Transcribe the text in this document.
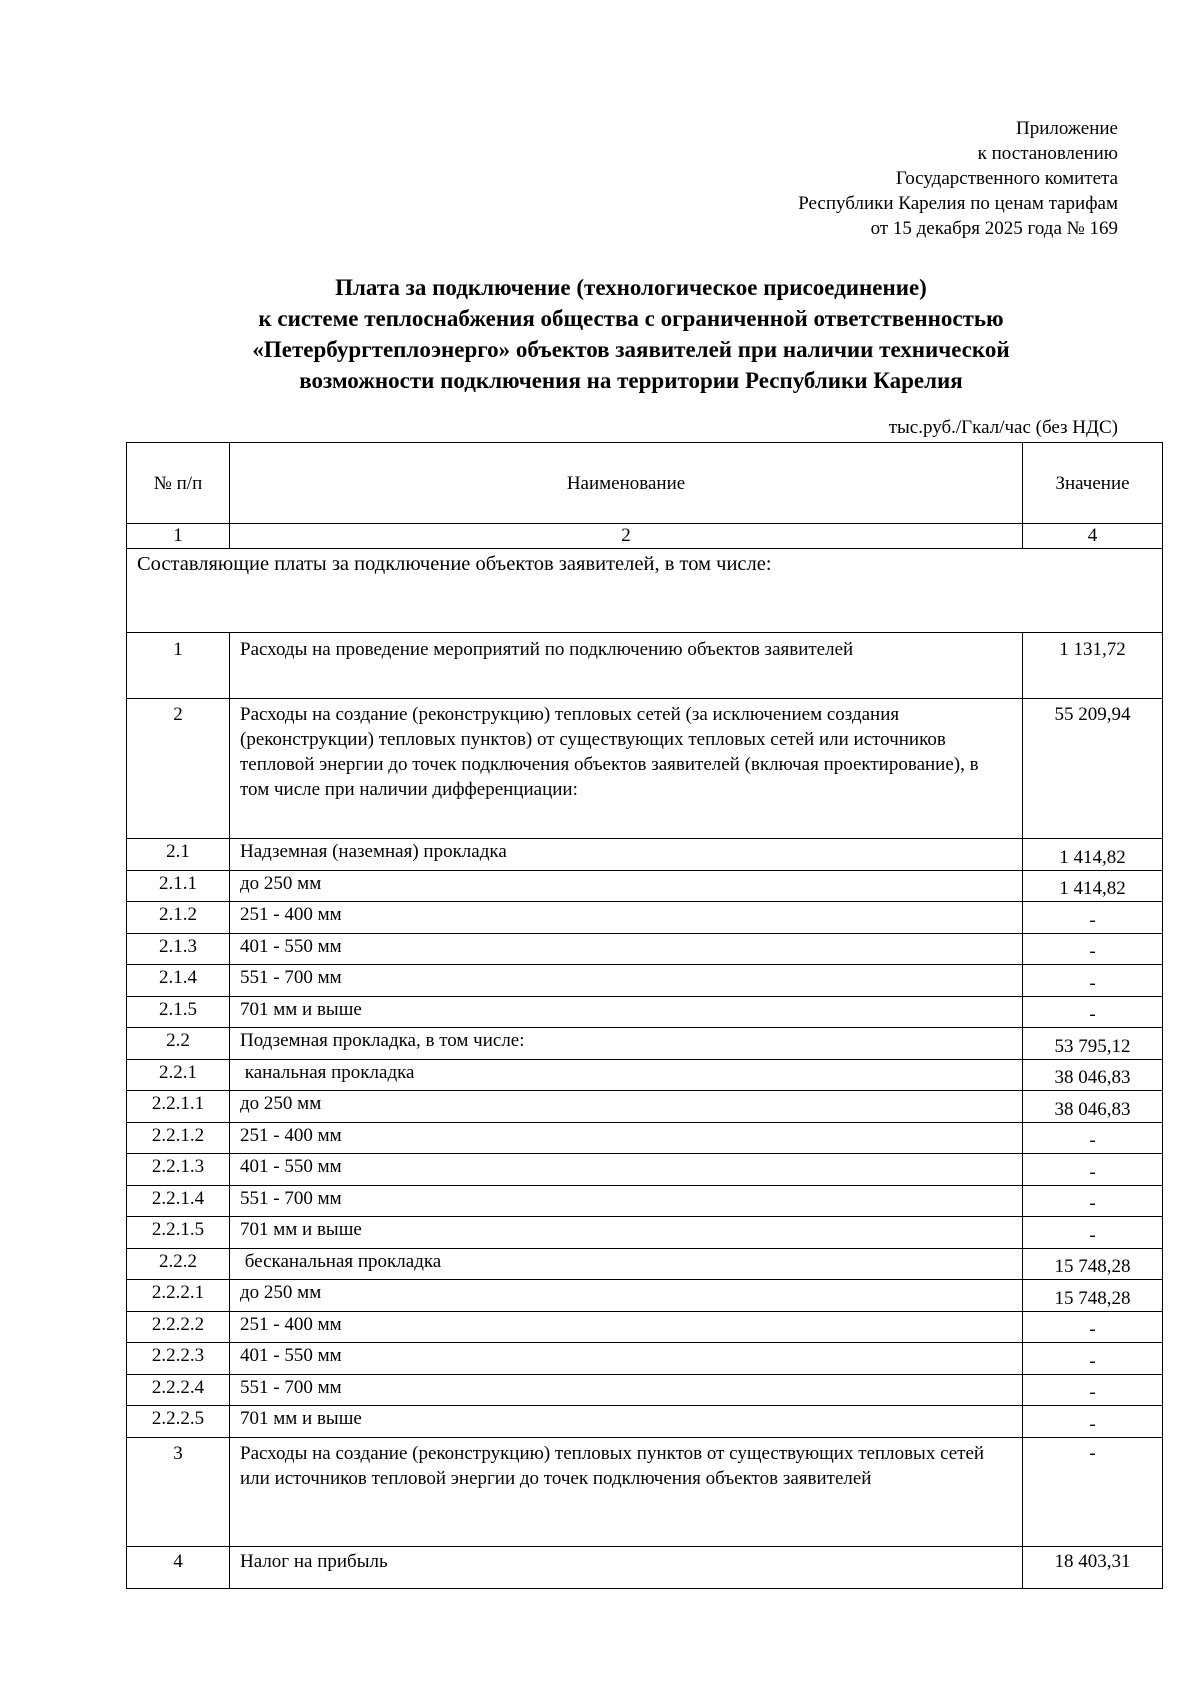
Приложение
к постановлению
Государственного комитета
Республики Карелия по ценам тарифам
от 15 декабря 2025 года № 169
Плата за подключение (технологическое присоединение)
к системе теплоснабжения общества с ограниченной ответственностью
«Петербургтеплоэнерго» объектов заявителей при наличии технической
возможности подключения на территории Республики Карелия
тыс.руб./Гкал/час (без НДС)
№ п/п	Наименование	Значение
1	2	4
Составляющие платы за подключение объектов заявителей, в том числе:		
1	Расходы на проведение мероприятий по подключению объектов заявителей	1 131,72
2	Расходы на создание (реконструкцию) тепловых сетей (за исключением создания (реконструкции) тепловых пунктов) от существующих тепловых сетей или источников тепловой энергии до точек подключения объектов заявителей (включая проектирование), в том числе при наличии дифференциации:	55 209,94
2.1	Надземная (наземная) прокладка	1 414,82
2.1.1	до 250 мм	1 414,82
2.1.2	251 - 400 мм	-
2.1.3	401 - 550 мм	-
2.1.4	551 - 700 мм	-
2.1.5	701 мм и выше	-
2.2	Подземная прокладка, в том числе:	53 795,12
2.2.1	канальная прокладка	38 046,83
2.2.1.1	до 250 мм	38 046,83
2.2.1.2	251 - 400 мм	-
2.2.1.3	401 - 550 мм	-
2.2.1.4	551 - 700 мм	-
2.2.1.5	701 мм и выше	-
2.2.2	бесканальная прокладка	15 748,28
2.2.2.1	до 250 мм	15 748,28
2.2.2.2	251 - 400 мм	-
2.2.2.3	401 - 550 мм	-
2.2.2.4	551 - 700 мм	-
2.2.2.5	701 мм и выше	-
3	Расходы на создание (реконструкцию) тепловых пунктов от существующих тепловых сетей или источников тепловой энергии до точек подключения объектов заявителей	-
4	Налог на прибыль	18 403,31
